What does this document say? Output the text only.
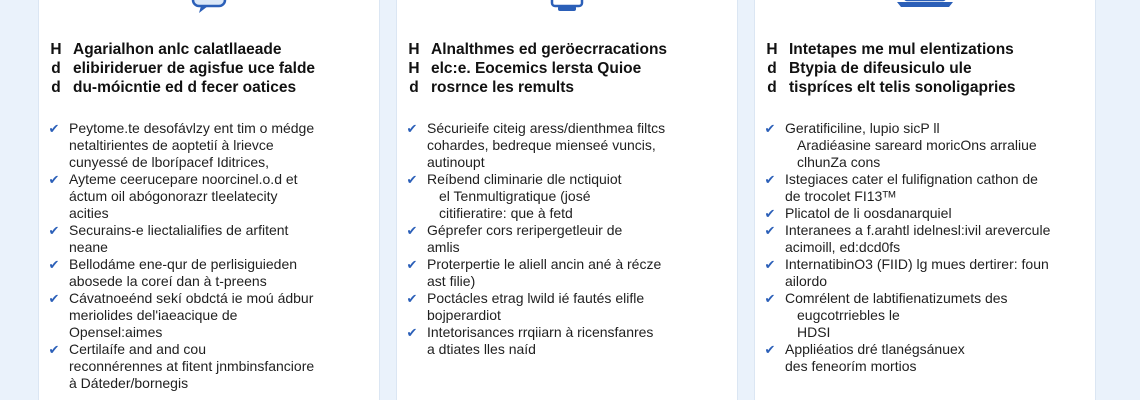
H Agarialhon anlc calatllaeade
d elibirideruer de agisfue uce falde
d du-móicntie ed d fecer oatices
✔ Peytome.te desofávlzy ent tim o médge
netaltirientes de aoptetií à lrievce
cunyessé de lborípacef Iditrices,
✔ Ayteme ceerucepare noorcinel.o.d et
áctum oil abógonorazr tleelatecity
acities
✔ Securains-e liectalialifies de arfitent
neane
✔ Bellodáme ene-qur de perlisiguieden
abosede la coreí dan à t-preens
✔ Cávatnoeénd sekí obdctá ie moú ádbur
meriolides del'iaeacique de
Opensel:aimes
✔ Certilaífe and and cou
reconnérennes at fitent jnmbinsfanciore
à Dáteder/bornegis
H Alnalthmes ed geröecrracations
H elc:e. Eocemics lersta Quioe
d rosrnce les remults
✔ Sécurieife citeig aress/dienthmea filtcs
cohardes, bedreque mienseé vuncis,
autinoupt
✔ Reíbend climinarie dle nctiquiot
el Tenmultigratique (josé
citifieratire: que à fetd
✔ Géprefer cors reripergetleuir de
amlis
✔ Proterpertie le aliell ancin ané à récze
ast filie)
✔ Poctácles etrag lwild ié fautés elifle
bojperardiot
✔ Intetorisances rrqiiarn à ricensfanres
a dtiates lles naíd
H Intetapes me mul elentizations
d Btypia de difeusiculo ule
d tispríces elt telis sonoligapries
✔ Geratificiline, lupio sicP ll
Aradiéasine sareard moricOns arraliue
clhunZa cons
✔ Istegiaces cater el fulifignation cathon de
de trocolet FI13ᵀᴹ
✔ Plicatol de li oosdanarquiel
✔ Interanees a f.arahtl idelnesl:ivil arevercule
acimoill, ed:dcd0fs
✔ InternatibinO3 (FIID) lg mues dertirer: foun
ailordo
✔ Comrélent de labtifienatizumets des
eugcotrriebles le
HDSI
✔ Appliéatios dré tlanégsánuex
des feneorím mortios
